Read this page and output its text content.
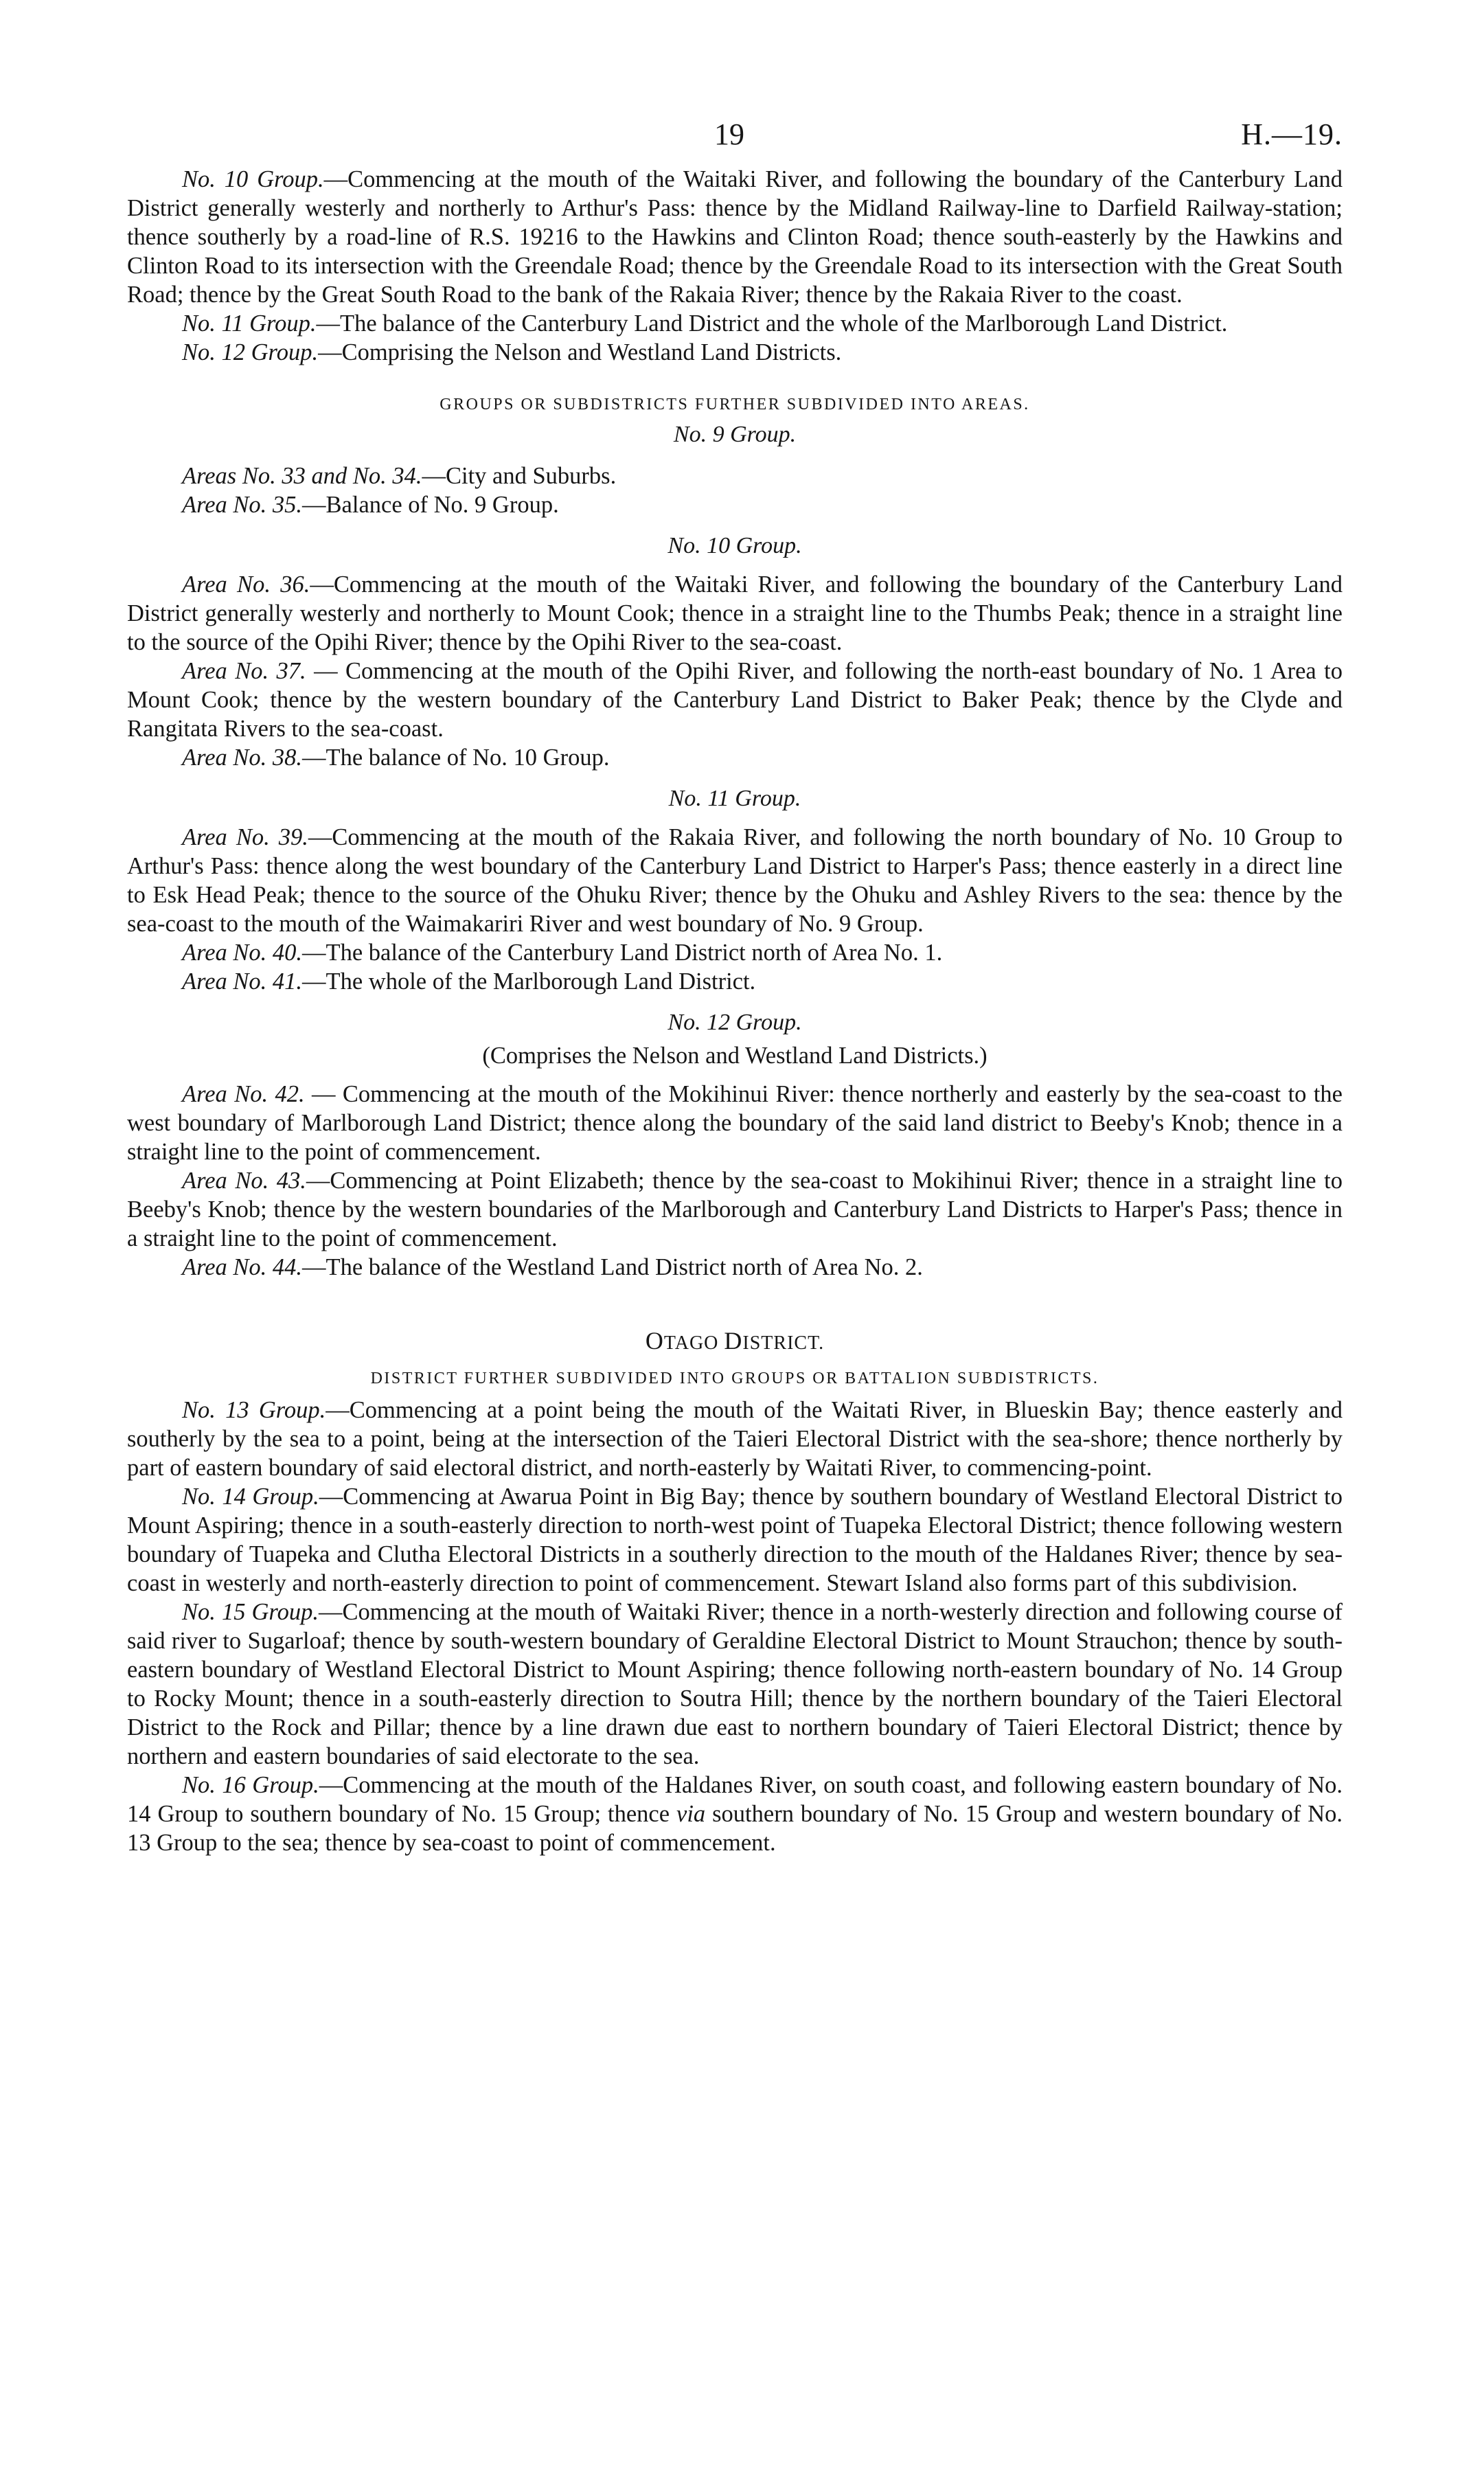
19	H.—19.

No. 10 Group.—Commencing at the mouth of the Waitaki River, and following the boundary of the Canterbury Land District generally westerly and northerly to Arthur's Pass: thence by the Midland Railway-line to Darfield Railway-station; thence southerly by a road-line of R.S. 19216 to the Hawkins and Clinton Road; thence south-easterly by the Hawkins and Clinton Road to its intersection with the Greendale Road; thence by the Greendale Road to its intersection with the Great South Road; thence by the Great South Road to the bank of the Rakaia River; thence by the Rakaia River to the coast.

No. 11 Group.—The balance of the Canterbury Land District and the whole of the Marlborough Land District.

No. 12 Group.—Comprising the Nelson and Westland Land Districts.

GROUPS OR SUBDISTRICTS FURTHER SUBDIVIDED INTO AREAS.

No. 9 Group.

Areas No. 33 and No. 34.—City and Suburbs.

Area No. 35.—Balance of No. 9 Group.

No. 10 Group.

Area No. 36.—Commencing at the mouth of the Waitaki River, and following the boundary of the Canterbury Land District generally westerly and northerly to Mount Cook; thence in a straight line to the Thumbs Peak; thence in a straight line to the source of the Opihi River; thence by the Opihi River to the sea-coast.

Area No. 37. — Commencing at the mouth of the Opihi River, and following the north-east boundary of No. 1 Area to Mount Cook; thence by the western boundary of the Canterbury Land District to Baker Peak; thence by the Clyde and Rangitata Rivers to the sea-coast.

Area No. 38.—The balance of No. 10 Group.

No. 11 Group.

Area No. 39.—Commencing at the mouth of the Rakaia River, and following the north boundary of No. 10 Group to Arthur's Pass: thence along the west boundary of the Canterbury Land District to Harper's Pass; thence easterly in a direct line to Esk Head Peak; thence to the source of the Ohuku River; thence by the Ohuku and Ashley Rivers to the sea: thence by the sea-coast to the mouth of the Waimakariri River and west boundary of No. 9 Group.

Area No. 40.—The balance of the Canterbury Land District north of Area No. 1.

Area No. 41.—The whole of the Marlborough Land District.

No. 12 Group.

(Comprises the Nelson and Westland Land Districts.)

Area No. 42. — Commencing at the mouth of the Mokihinui River: thence northerly and easterly by the sea-coast to the west boundary of Marlborough Land District; thence along the boundary of the said land district to Beeby's Knob; thence in a straight line to the point of commencement.

Area No. 43.—Commencing at Point Elizabeth; thence by the sea-coast to Mokihinui River; thence in a straight line to Beeby's Knob; thence by the western boundaries of the Marlborough and Canterbury Land Districts to Harper's Pass; thence in a straight line to the point of commencement.

Area No. 44.—The balance of the Westland Land District north of Area No. 2.

OTAGO DISTRICT.

DISTRICT FURTHER SUBDIVIDED INTO GROUPS OR BATTALION SUBDISTRICTS.

No. 13 Group.—Commencing at a point being the mouth of the Waitati River, in Blueskin Bay; thence easterly and southerly by the sea to a point, being at the intersection of the Taieri Electoral District with the sea-shore; thence northerly by part of eastern boundary of said electoral district, and north-easterly by Waitati River, to commencing-point.

No. 14 Group.—Commencing at Awarua Point in Big Bay; thence by southern boundary of Westland Electoral District to Mount Aspiring; thence in a south-easterly direction to north-west point of Tuapeka Electoral District; thence following western boundary of Tuapeka and Clutha Electoral Districts in a southerly direction to the mouth of the Haldanes River; thence by sea-coast in westerly and north-easterly direction to point of commencement. Stewart Island also forms part of this subdivision.

No. 15 Group.—Commencing at the mouth of Waitaki River; thence in a north-westerly direction and following course of said river to Sugarloaf; thence by south-western boundary of Geraldine Electoral District to Mount Strauchon; thence by south-eastern boundary of Westland Electoral District to Mount Aspiring; thence following north-eastern boundary of No. 14 Group to Rocky Mount; thence in a south-easterly direction to Soutra Hill; thence by the northern boundary of the Taieri Electoral District to the Rock and Pillar; thence by a line drawn due east to northern boundary of Taieri Electoral District; thence by northern and eastern boundaries of said electorate to the sea.

No. 16 Group.—Commencing at the mouth of the Haldanes River, on south coast, and following eastern boundary of No. 14 Group to southern boundary of No. 15 Group; thence via southern boundary of No. 15 Group and western boundary of No. 13 Group to the sea; thence by sea-coast to point of commencement.
